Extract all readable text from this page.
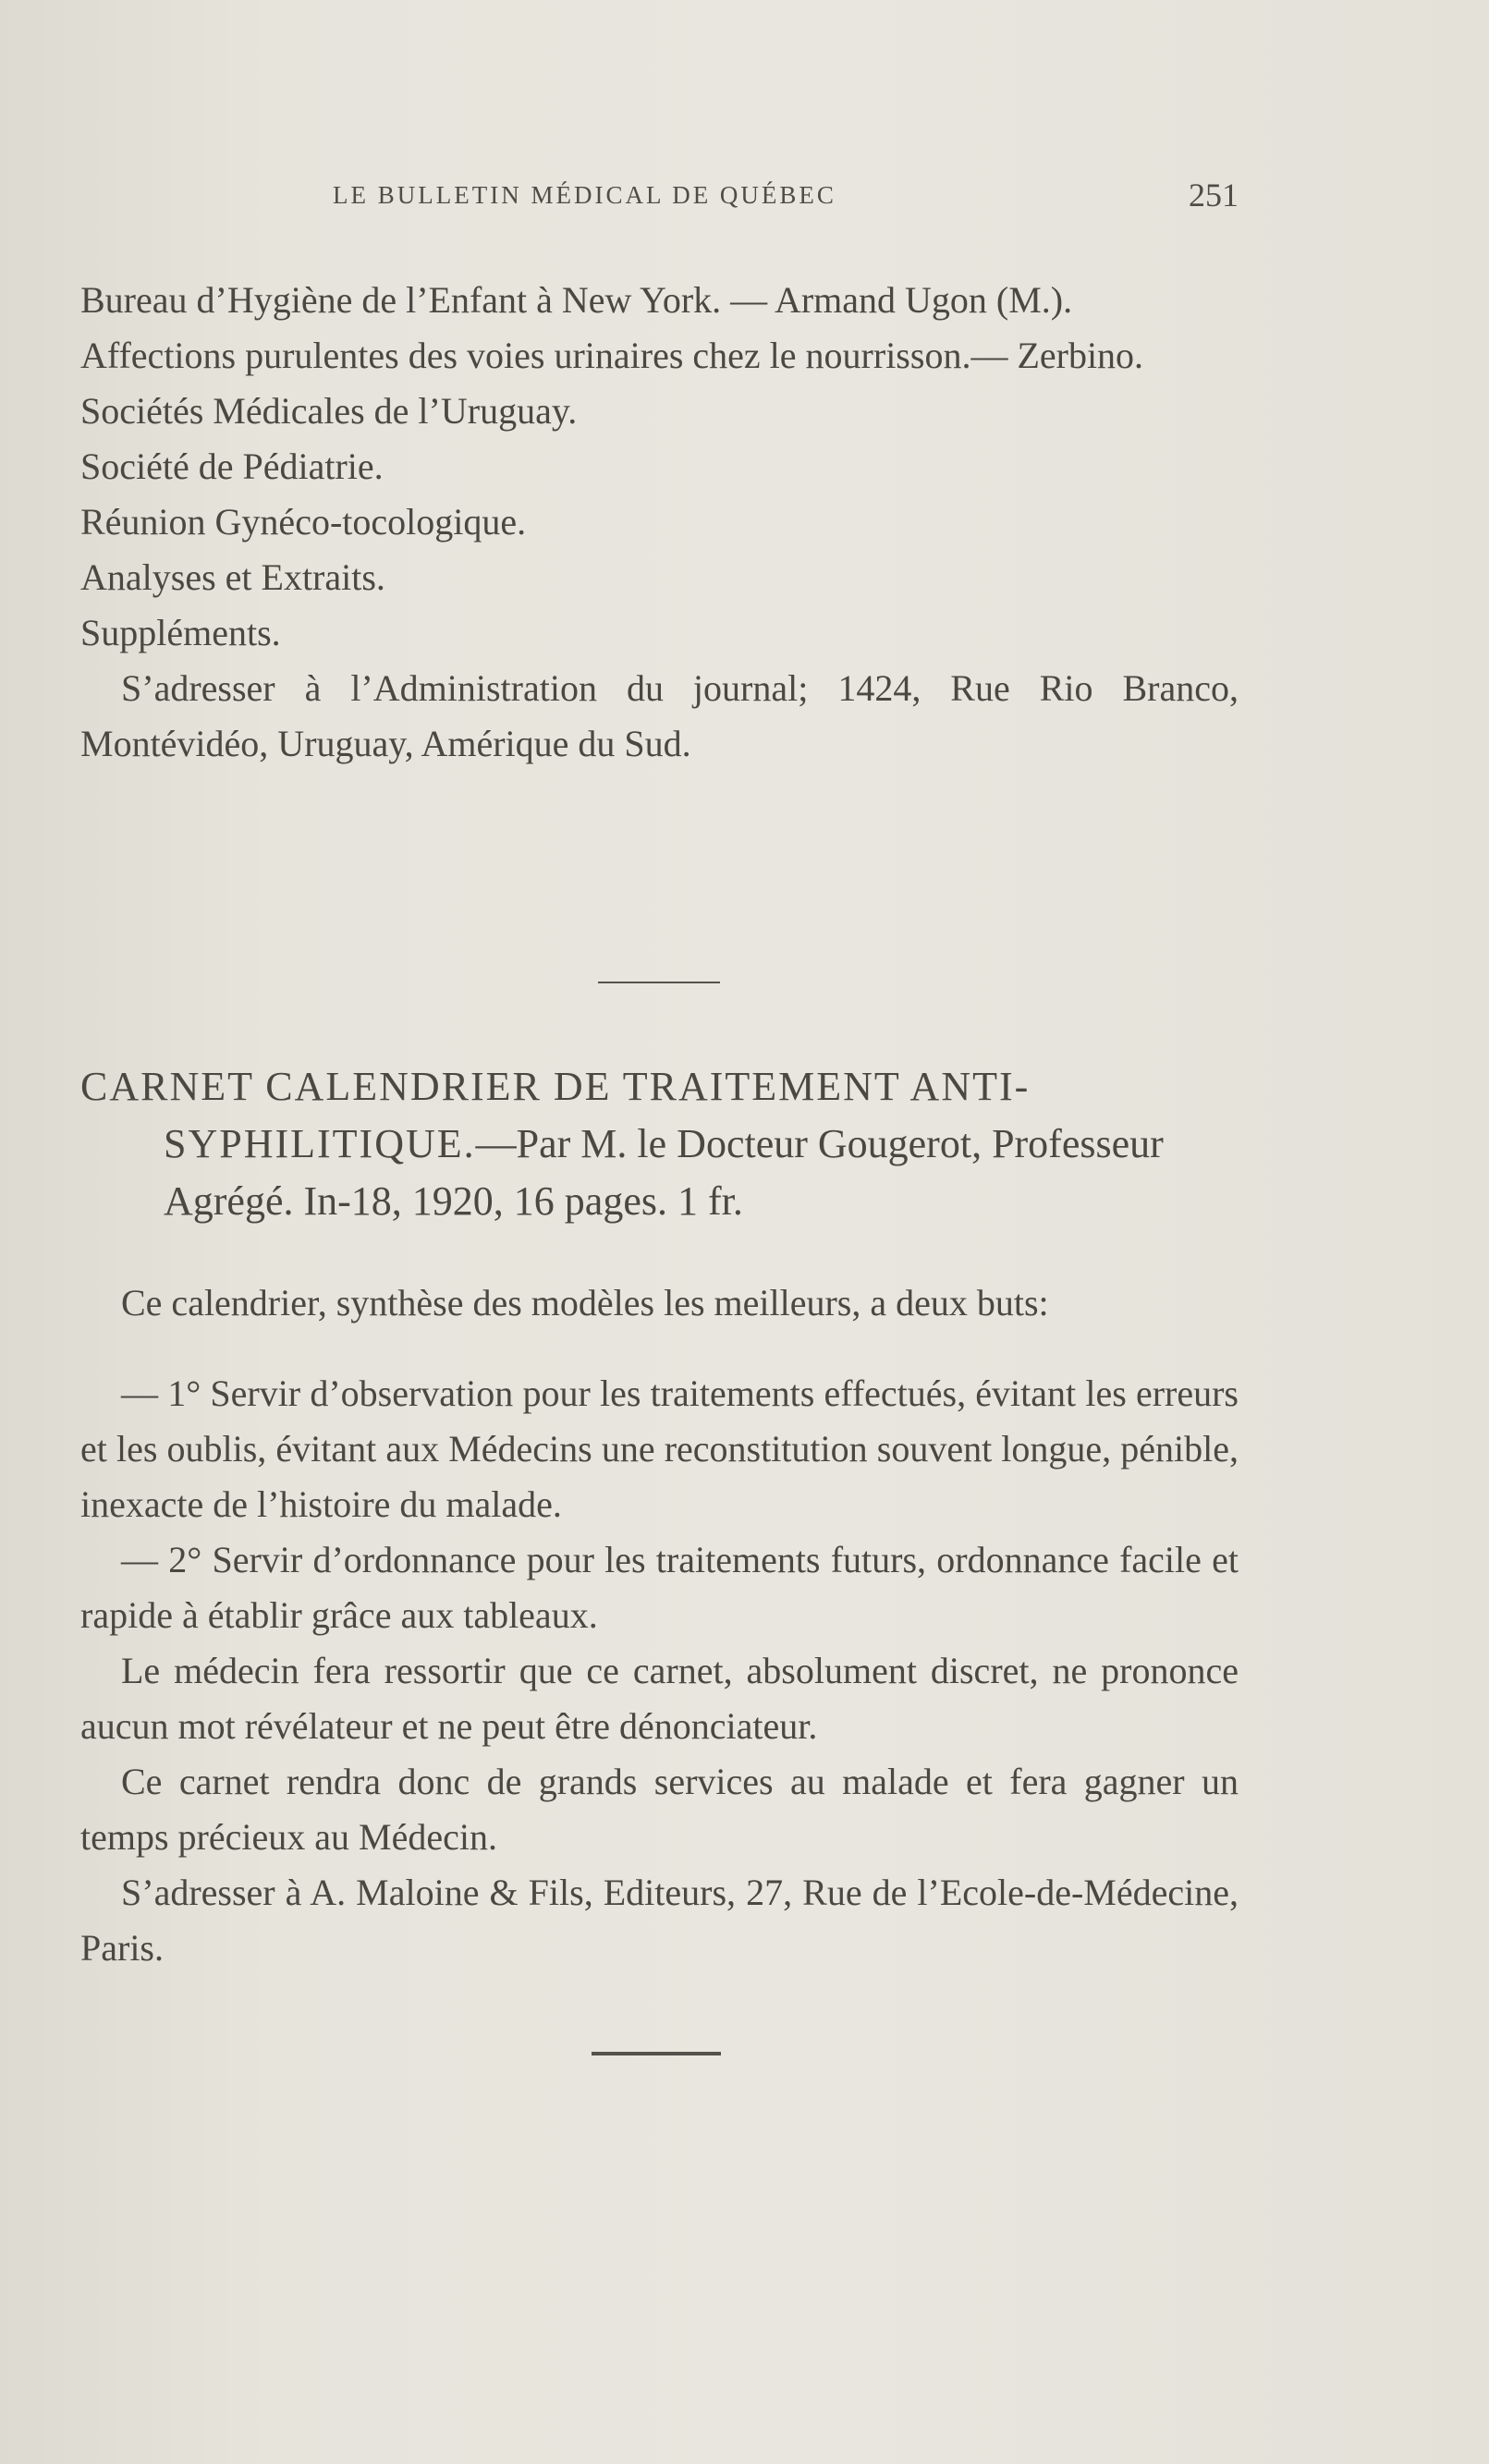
LE BULLETIN MÉDICAL DE QUÉBEC	251

Bureau d’Hygiène de l’Enfant à New York. — Armand Ugon (M.).

Affections purulentes des voies urinaires chez le nourrisson.— Zerbino.

Sociétés Médicales de l’Uruguay.

Société de Pédiatrie.

Réunion Gynéco-tocologique.

Analyses et Extraits.

Suppléments.

S’adresser à l’Administration du journal; 1424, Rue Rio Branco, Montévidéo, Uruguay, Amérique du Sud.

CARNET CALENDRIER DE TRAITEMENT ANTI-SYPHILITIQUE.—Par M. le Docteur Gougerot, Professeur Agrégé. In-18, 1920, 16 pages. 1 fr.

Ce calendrier, synthèse des modèles les meilleurs, a deux buts:

— 1° Servir d’observation pour les traitements effectués, évitant les erreurs et les oublis, évitant aux Médecins une reconstitution souvent longue, pénible, inexacte de l’histoire du malade.

— 2° Servir d’ordonnance pour les traitements futurs, ordonnance facile et rapide à établir grâce aux tableaux.

Le médecin fera ressortir que ce carnet, absolument discret, ne prononce aucun mot révélateur et ne peut être dénonciateur.

Ce carnet rendra donc de grands services au malade et fera gagner un temps précieux au Médecin.

S’adresser à A. Maloine & Fils, Editeurs, 27, Rue de l’Ecole-de-Médecine, Paris.
